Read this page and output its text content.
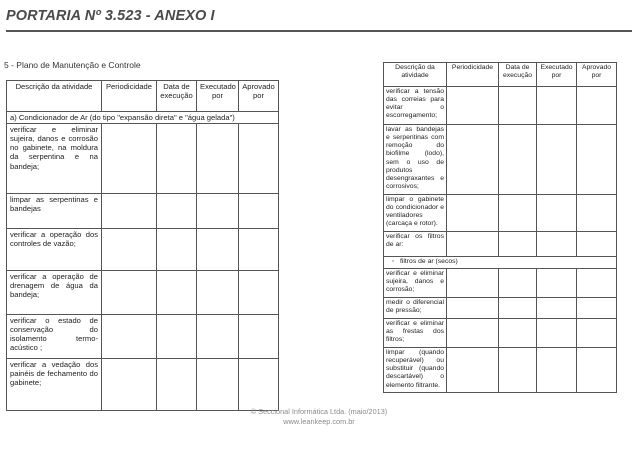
PORTARIA Nº 3.523 - ANEXO I
5 - Plano de Manutenção e Controle
Descrição da atividade	Periodicidade	Data de execução	Executado por	Aprovado por
a) Condicionador de Ar (do tipo "expansão direta" e "água gelada")				
verificar e eliminar sujeira, danos e corrosão no gabinete, na moldura da serpentina e na bandeja;				
limpar as serpentinas e bandejas				
verificar a operação dos controles de vazão;				
verificar a operação de drenagem de água da bandeja;				
verificar o estado de conservação do isolamento termo-acústico ;				
verificar a vedação dos painéis de fechamento do gabinete;				
Descrição da atividade	Periodicidade	Data de execução	Executado por	Aprovado por
verificar a tensão das correias para evitar o escorregamento;				
lavar as bandejas e serpentinas com remoção do biofilme (lodo), sem o uso de produtos desengraxantes e corrosivos;				
limpar o gabinete do condicionador e ventiladores (carcaça e rotor).				
verificar os filtros de ar:				
◦ filtros de ar (secos)				
verificar e eliminar sujeira, danos e corrosão;				
medir o diferencial de pressão;				
verificar e eliminar as frestas dos filtros;				
limpar (quando recuperável) ou substituir (quando descartável) o elemento filtrante.				
© Seccional Informática Ltda. (maio/2013)
www.leankeep.com.br
